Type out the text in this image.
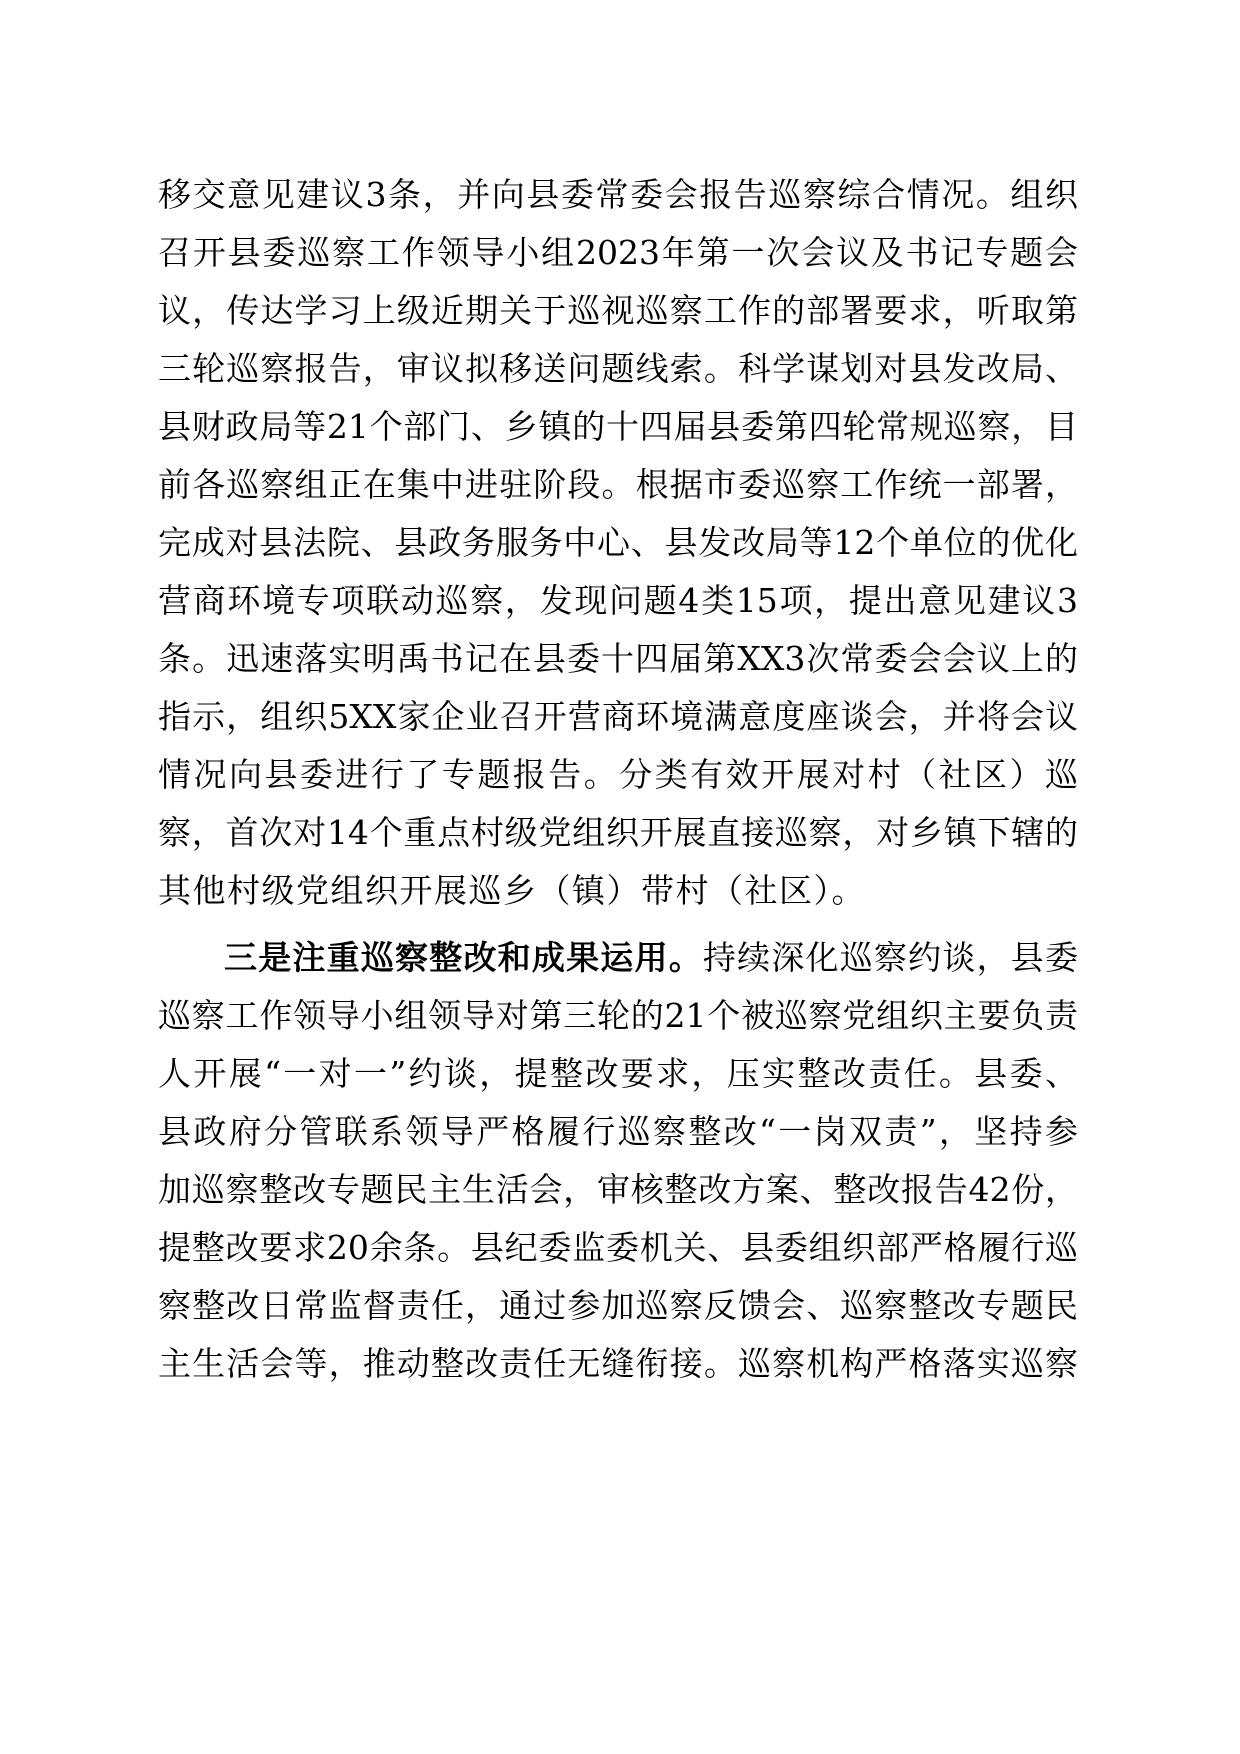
移交意见建议3条，并向县委常委会报告巡察综合情况。组织
召开县委巡察工作领导小组2023年第一次会议及书记专题会
议，传达学习上级近期关于巡视巡察工作的部署要求，听取第
三轮巡察报告，审议拟移送问题线索。科学谋划对县发改局、
县财政局等21个部门、乡镇的十四届县委第四轮常规巡察，目
前各巡察组正在集中进驻阶段。根据市委巡察工作统一部署，
完成对县法院、县政务服务中心、县发改局等12个单位的优化
营商环境专项联动巡察，发现问题4类15项，提出意见建议3
条。迅速落实明禹书记在县委十四届第XX3次常委会会议上的
指示，组织5XX家企业召开营商环境满意度座谈会，并将会议
情况向县委进行了专题报告。分类有效开展对村（社区）巡
察，首次对14个重点村级党组织开展直接巡察，对乡镇下辖的
其他村级党组织开展巡乡（镇）带村（社区）。
三是注重巡察整改和成果运用。持续深化巡察约谈，县委
巡察工作领导小组领导对第三轮的21个被巡察党组织主要负责
人开展“一对一”约谈，提整改要求，压实整改责任。县委、
县政府分管联系领导严格履行巡察整改“一岗双责”，坚持参
加巡察整改专题民主生活会，审核整改方案、整改报告42份，
提整改要求20余条。县纪委监委机关、县委组织部严格履行巡
察整改日常监督责任，通过参加巡察反馈会、巡察整改专题民
主生活会等，推动整改责任无缝衔接。巡察机构严格落实巡察
